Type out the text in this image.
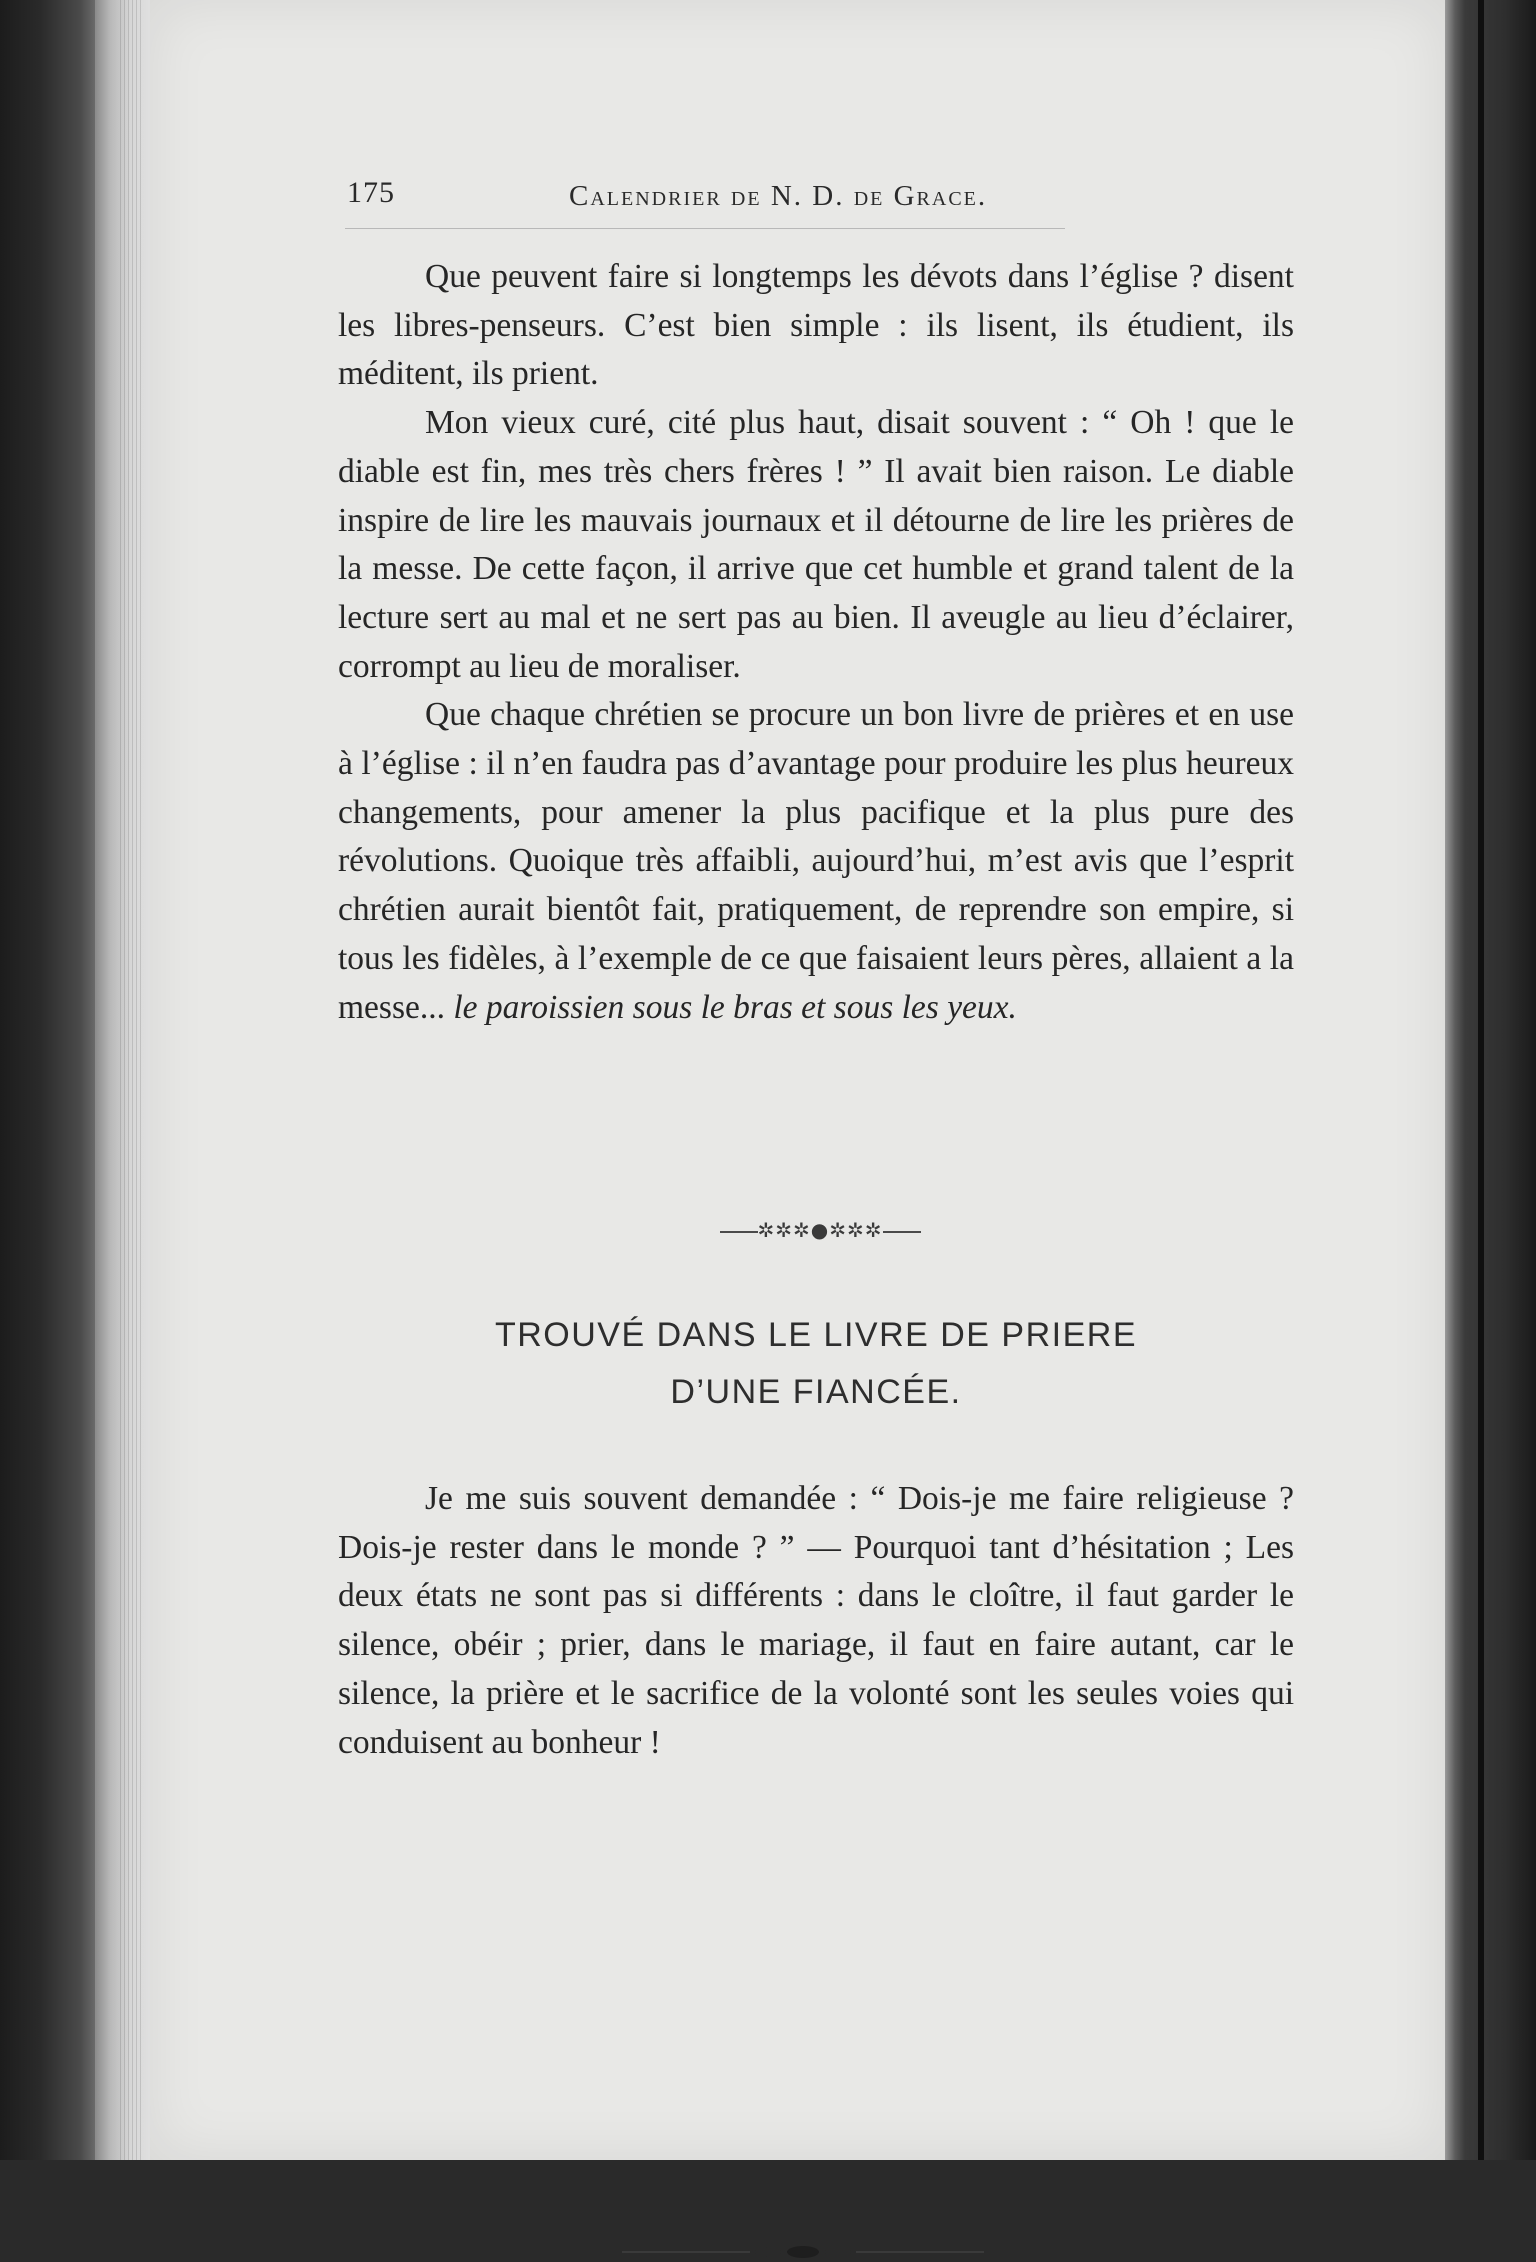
175	Calendrier de N. D. de Grace.

Que peuvent faire si longtemps les dévots dans l’église ? disent les libres-penseurs. C’est bien simple : ils lisent, ils étudient, ils méditent, ils prient.

Mon vieux curé, cité plus haut, disait souvent : “ Oh ! que le diable est fin, mes très chers frères ! ” Il avait bien raison. Le diable inspire de lire les mauvais journaux et il détourne de lire les prières de la messe. De cette façon, il arrive que cet humble et grand talent de la lecture sert au mal et ne sert pas au bien. Il aveugle au lieu d’éclairer, corrompt au lieu de moraliser.

Que chaque chrétien se procure un bon livre de prières et en use à l’église : il n’en faudra pas d’avantage pour produire les plus heureux changements, pour amener la plus pacifique et la plus pure des révolutions. Quoique très affaibli, aujourd’hui, m’est avis que l’esprit chrétien aurait bientôt fait, pratiquement, de reprendre son empire, si tous les fidèles, à l’exemple de ce que faisaient leurs pères, allaient a la messe... le paroissien sous le bras et sous les yeux.

✲✲✲●✲✲✲
TROUVÉ DANS LE LIVRE DE PRIERE
D’UNE FIANCÉE.

Je me suis souvent demandée : “ Dois-je me faire religieuse ? Dois-je rester dans le monde ? ” — Pourquoi tant d’hésitation ; Les deux états ne sont pas si différents : dans le cloître, il faut garder le silence, obéir ; prier, dans le mariage, il faut en faire autant, car le silence, la prière et le sacrifice de la volonté sont les seules voies qui conduisent au bonheur !
